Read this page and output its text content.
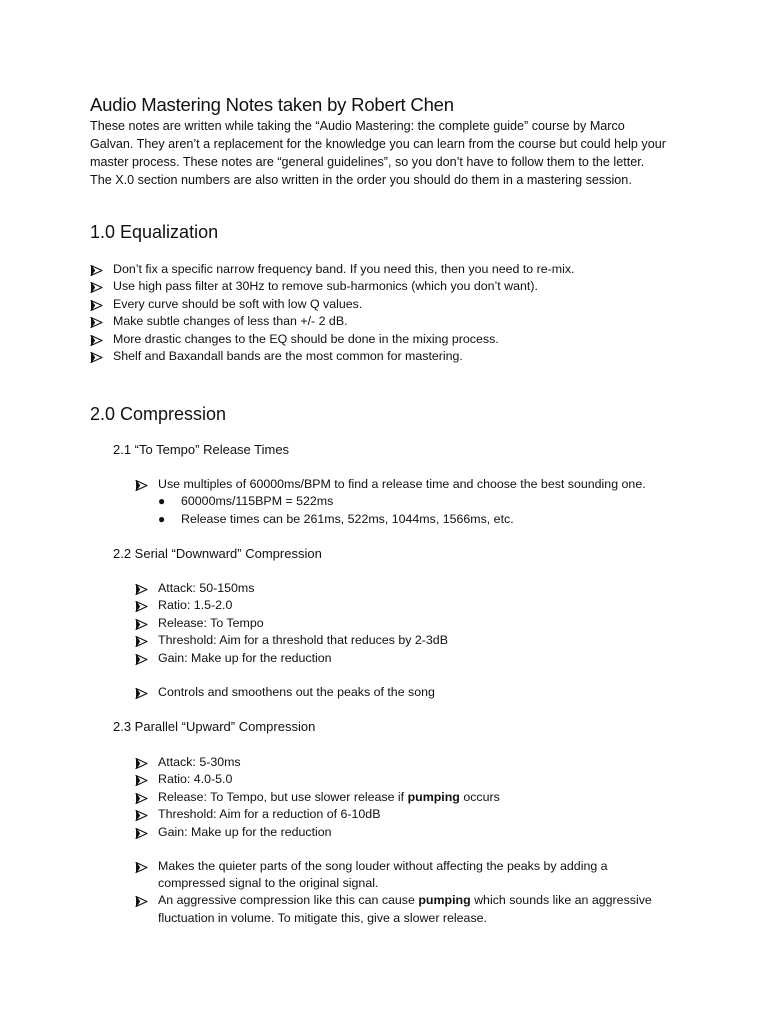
Audio Mastering Notes taken by Robert Chen

These notes are written while taking the “Audio Mastering: the complete guide” course by Marco
Galvan. They aren’t a replacement for the knowledge you can learn from the course but could help your
master process. These notes are “general guidelines”, so you don’t have to follow them to the letter.
The X.0 section numbers are also written in the order you should do them in a mastering session.

1.0 Equalization
Don’t fix a specific narrow frequency band. If you need this, then you need to re-mix.
Use high pass filter at 30Hz to remove sub-harmonics (which you don’t want).
Every curve should be soft with low Q values.
Make subtle changes of less than +/- 2 dB.
More drastic changes to the EQ should be done in the mixing process.
Shelf and Baxandall bands are the most common for mastering.
2.0 Compression
2.1 “To Tempo” Release Times
Use multiples of 60000ms/BPM to find a release time and choose the best sounding one.
●	60000ms/115BPM = 522ms
●	Release times can be 261ms, 522ms, 1044ms, 1566ms, etc.
2.2 Serial “Downward” Compression
Attack: 50-150ms
Ratio: 1.5-2.0
Release: To Tempo
Threshold: Aim for a threshold that reduces by 2-3dB
Gain: Make up for the reduction
Controls and smoothens out the peaks of the song
2.3 Parallel “Upward” Compression
Attack: 5-30ms
Ratio: 4.0-5.0
Release: To Tempo, but use slower release if pumping occurs
Threshold: Aim for a reduction of 6-10dB
Gain: Make up for the reduction
Makes the quieter parts of the song louder without affecting the peaks by adding a compressed signal to the original signal.
An aggressive compression like this can cause pumping which sounds like an aggressive fluctuation in volume. To mitigate this, give a slower release.
